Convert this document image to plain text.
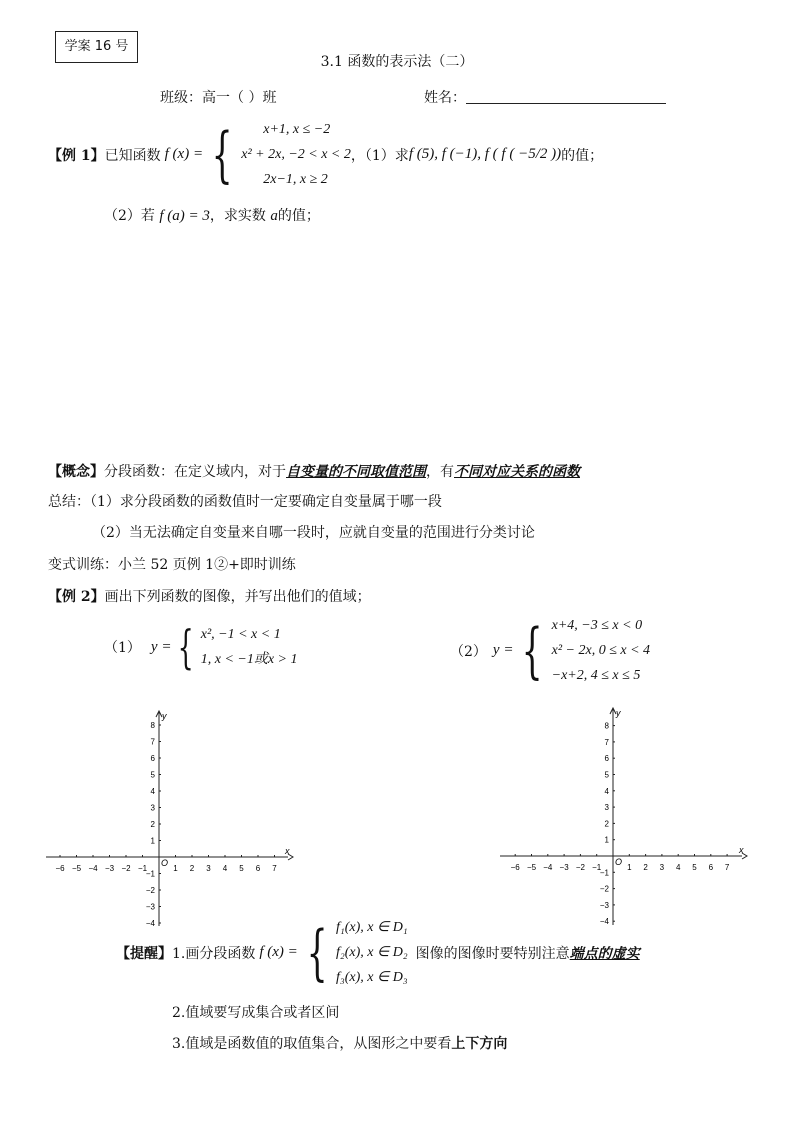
学案 16 号
3.1 函数的表示法（二）
班级：高一（ ）班	姓名：
【例 1】 已知函数 f (x) = {	x+1, x ≤ −2
x² + 2x, −2 < x < 2
2x−1, x ≥ 2
，（1）求 f (5), f (−1), f ( f ( −5/2 )) 的值；
（2）若 f (a) = 3，求实数 a的值；
【概念】分段函数：在定义域内，对于自变量的不同取值范围，有不同对应关系的函数
总结：（1）求分段函数的函数值时一定要确定自变量属于哪一段
（2）当无法确定自变量来自哪一段时，应就自变量的范围进行分类讨论
变式训练：小兰 52 页例 1②+即时训练
【例 2】画出下列函数的图像，并写出他们的值域；
（1） y = { x², −1 < x < 1
1, x < −1或x > 1	（2） y = { x+4, −3 ≤ x < 0
x² − 2x, 0 ≤ x < 4
−x+2, 4 ≤ x ≤ 5
x
y
O
−6 −5 −4 −3 −2 −1	1 2 3 4 5 6 7
8
7
6
5
4
3
2
1
−1
−2
−3
−4
x
y
O
−6 −5 −4 −3 −2 −1	1 2 3 4 5 6 7
8
7
6
5
4
3
2
1
−1
−2
−3
−4
【提醒】 1.画分段函数 f (x) = { f₁(x), x ∈ D₁
f₂(x), x ∈ D₂
f₃(x), x ∈ D₃
图像的图像时要特别注意 端点的虚实
2.值域要写成集合或者区间
3.值域是函数值的取值集合，从图形之中要看上下方向
